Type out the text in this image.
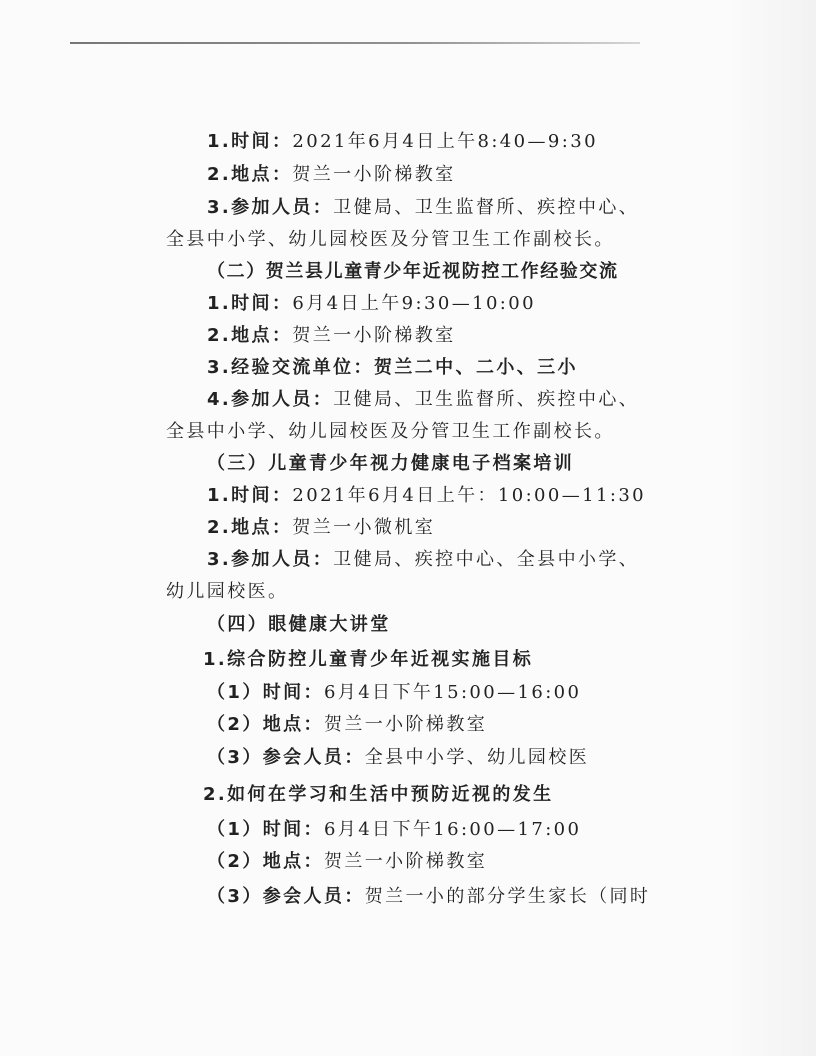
1.时间：2021年6月4日上午8:40—9:30
2.地点：贺兰一小阶梯教室
3.参加人员：卫健局、卫生监督所、疾控中心、
全县中小学、幼儿园校医及分管卫生工作副校长。
（二）贺兰县儿童青少年近视防控工作经验交流
1.时间：6月4日上午9:30—10:00
2.地点：贺兰一小阶梯教室
3.经验交流单位：贺兰二中、二小、三小
4.参加人员：卫健局、卫生监督所、疾控中心、
全县中小学、幼儿园校医及分管卫生工作副校长。
（三）儿童青少年视力健康电子档案培训
1.时间：2021年6月4日上午：10:00—11:30
2.地点：贺兰一小微机室
3.参加人员：卫健局、疾控中心、全县中小学、
幼儿园校医。
（四）眼健康大讲堂
1.综合防控儿童青少年近视实施目标
（1）时间：6月4日下午15:00—16:00
（2）地点：贺兰一小阶梯教室
（3）参会人员：全县中小学、幼儿园校医
2.如何在学习和生活中预防近视的发生
（1）时间：6月4日下午16:00—17:00
（2）地点：贺兰一小阶梯教室
（3）参会人员：贺兰一小的部分学生家长（同时
